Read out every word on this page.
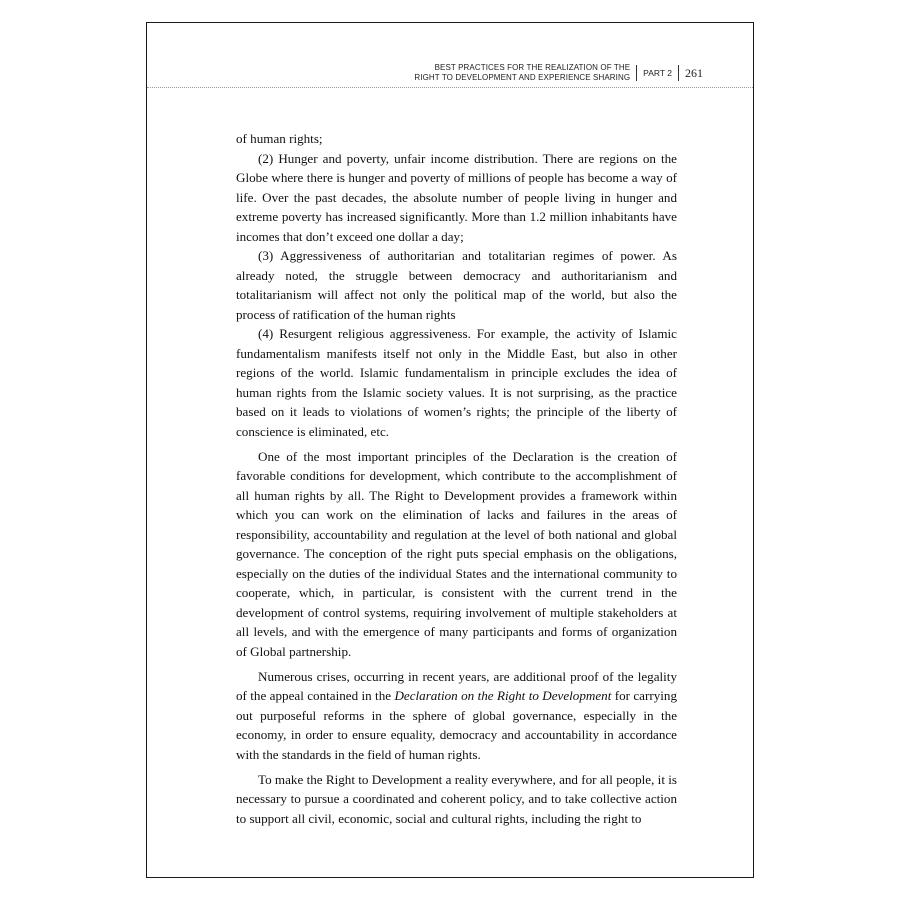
BEST PRACTICES FOR THE REALIZATION OF THE
RIGHT TO DEVELOPMENT AND EXPERIENCE SHARING	PART 2	261

of human rights;

(2) Hunger and poverty, unfair income distribution. There are regions on the Globe where there is hunger and poverty of millions of people has become a way of life. Over the past decades, the absolute number of people living in hunger and extreme poverty has increased significantly. More than 1.2 million inhabitants have incomes that don’t exceed one dollar a day;

(3) Aggressiveness of authoritarian and totalitarian regimes of power. As already noted, the struggle between democracy and authoritarianism and totalitarianism will affect not only the political map of the world, but also the process of ratification of the human rights

(4) Resurgent religious aggressiveness. For example, the activity of Islamic fundamentalism manifests itself not only in the Middle East, but also in other regions of the world. Islamic fundamentalism in principle excludes the idea of human rights from the Islamic society values. It is not surprising, as the practice based on it leads to violations of women’s rights; the principle of the liberty of conscience is eliminated, etc.

One of the most important principles of the Declaration is the creation of favorable conditions for development, which contribute to the accomplishment of all human rights by all. The Right to Development provides a framework within which you can work on the elimination of lacks and failures in the areas of responsibility, accountability and regulation at the level of both national and global governance. The conception of the right puts special emphasis on the obligations, especially on the duties of the individual States and the international community to cooperate, which, in particular, is consistent with the current trend in the development of control systems, requiring involvement of multiple stakeholders at all levels, and with the emergence of many participants and forms of organization of Global partnership.

Numerous crises, occurring in recent years, are additional proof of the legality of the appeal contained in the Declaration on the Right to Development for carrying out purposeful reforms in the sphere of global governance, especially in the economy, in order to ensure equality, democracy and accountability in accordance with the standards in the field of human rights.

To make the Right to Development a reality everywhere, and for all people, it is necessary to pursue a coordinated and coherent policy, and to take collective action to support all civil, economic, social and cultural rights, including the right to
